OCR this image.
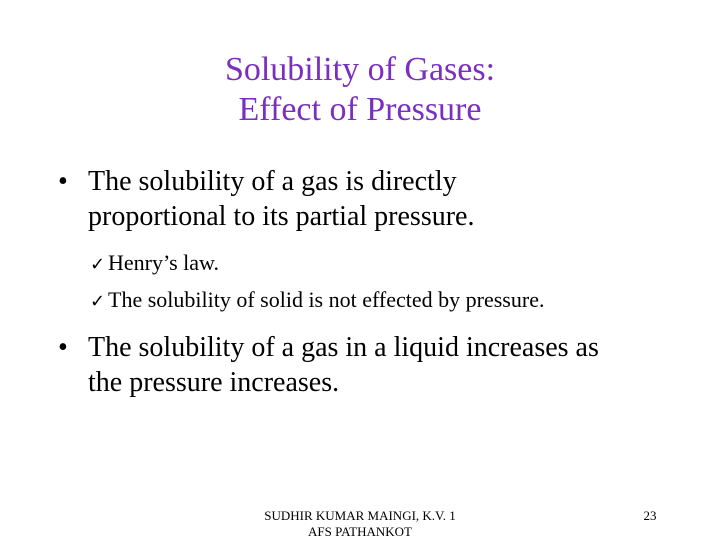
Solubility of Gases:
Effect of Pressure
• The solubility of a gas is directly
proportional to its partial pressure.
✓ Henry’s law.
✓ The solubility of solid is not effected by pressure.
• The solubility of a gas in a liquid increases as
the pressure increases.
SUDHIR KUMAR MAINGI, K.V. 1
AFS PATHANKOT
23
